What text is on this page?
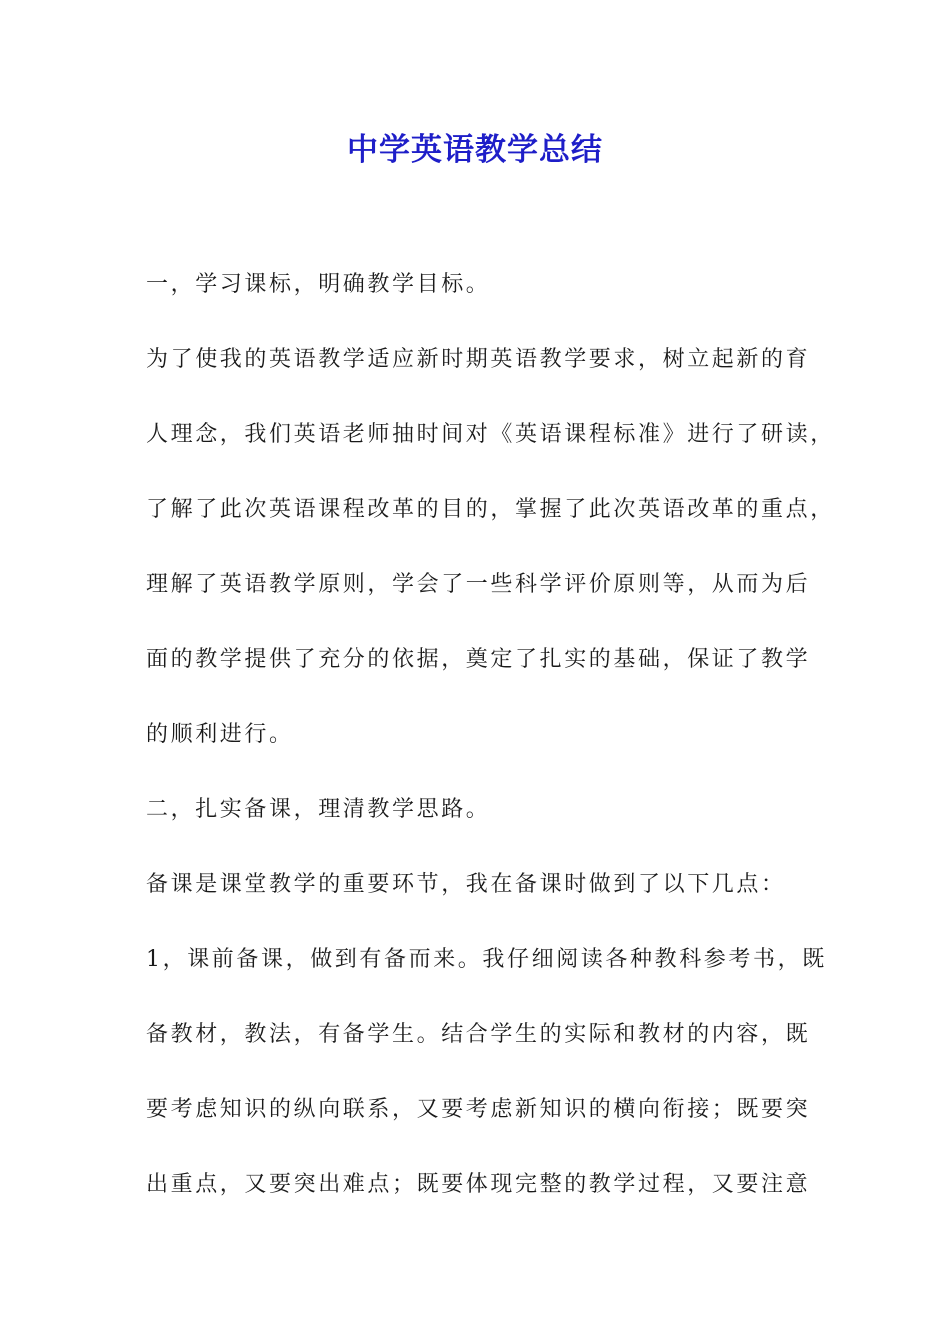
中学英语教学总结
一，学习课标，明确教学目标。
为了使我的英语教学适应新时期英语教学要求，树立起新的育
人理念，我们英语老师抽时间对《英语课程标准》进行了研读，
了解了此次英语课程改革的目的，掌握了此次英语改革的重点，
理解了英语教学原则，学会了一些科学评价原则等，从而为后
面的教学提供了充分的依据，奠定了扎实的基础，保证了教学
的顺利进行。
二，扎实备课，理清教学思路。
备课是课堂教学的重要环节，我在备课时做到了以下几点：
1，课前备课，做到有备而来。我仔细阅读各种教科参考书，既
备教材，教法，有备学生。结合学生的实际和教材的内容，既
要考虑知识的纵向联系，又要考虑新知识的横向衔接；既要突
出重点，又要突出难点；既要体现完整的教学过程，又要注意
